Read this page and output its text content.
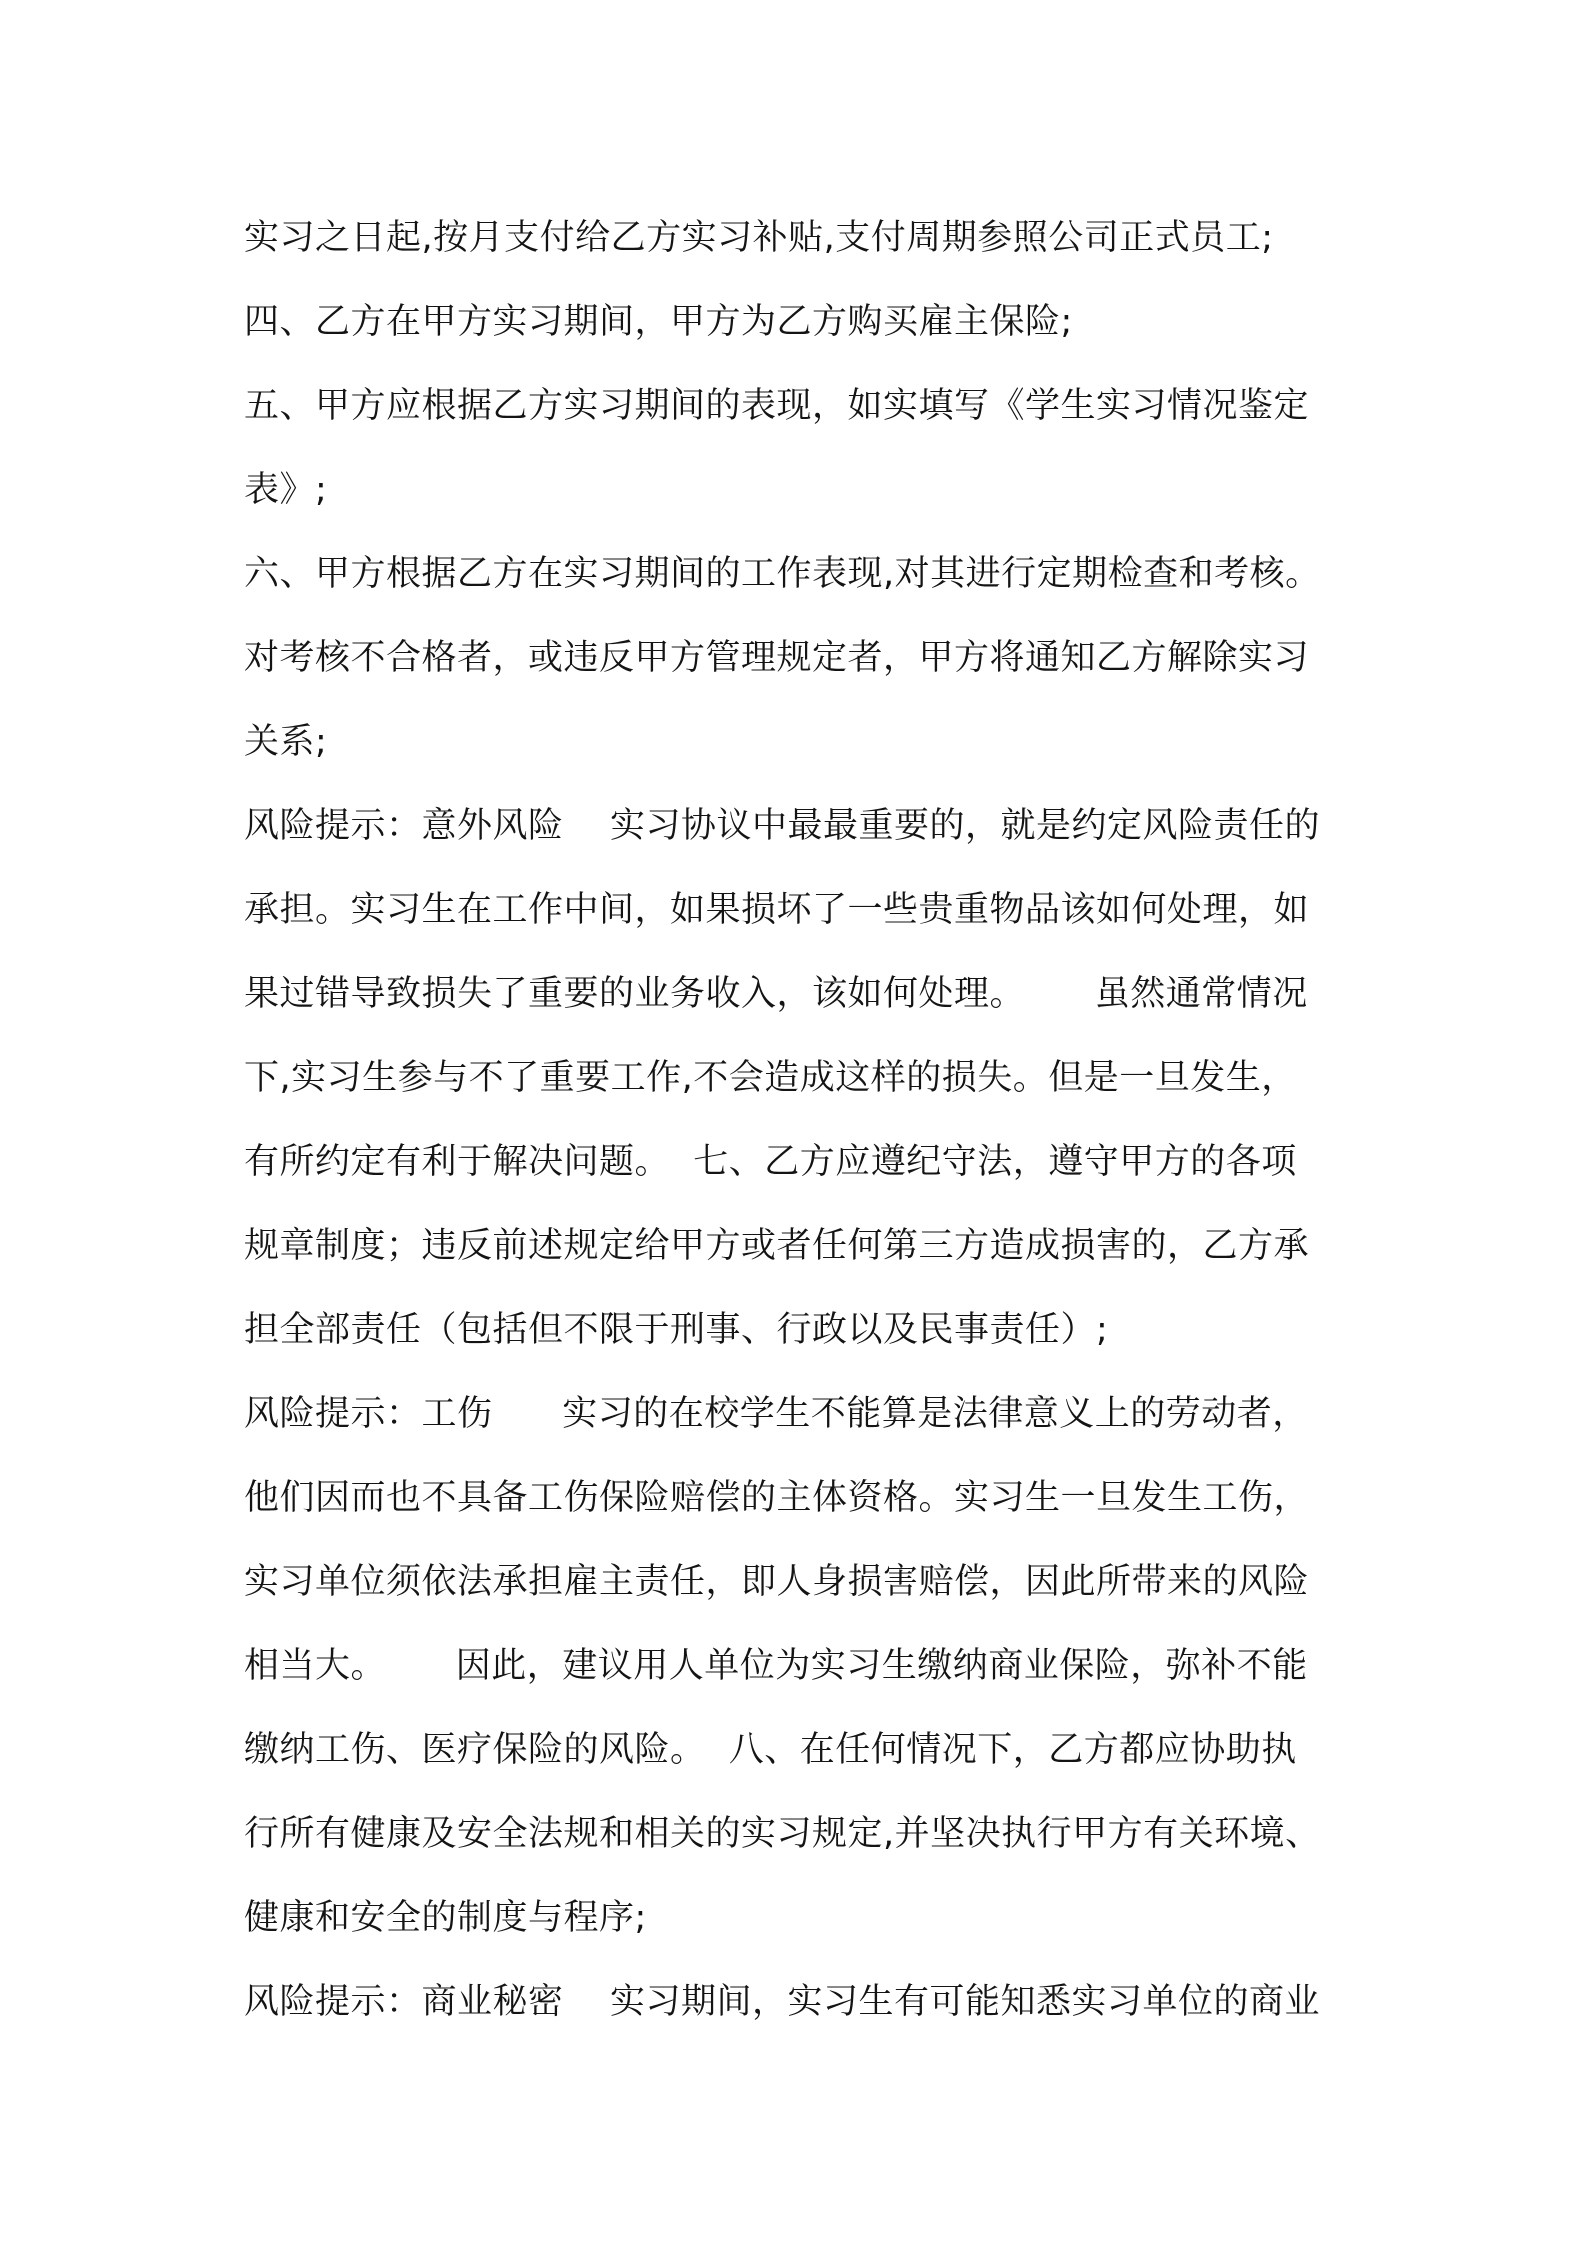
实习之日起,按月支付给乙方实习补贴,支付周期参照公司正式员工;
四、乙方在甲方实习期间，甲方为乙方购买雇主保险;
五、甲方应根据乙方实习期间的表现，如实填写《学生实习情况鉴定
表》;
六、甲方根据乙方在实习期间的工作表现,对其进行定期检查和考核。
对考核不合格者，或违反甲方管理规定者，甲方将通知乙方解除实习
关系;
风险提示：意外风险    实习协议中最最重要的，就是约定风险责任的
承担。实习生在工作中间，如果损坏了一些贵重物品该如何处理，如
果过错导致损失了重要的业务收入，该如何处理。      虽然通常情况
下,实习生参与不了重要工作,不会造成这样的损失。但是一旦发生，
有所约定有利于解决问题。  七、乙方应遵纪守法，遵守甲方的各项
规章制度；违反前述规定给甲方或者任何第三方造成损害的，乙方承
担全部责任（包括但不限于刑事、行政以及民事责任）;
风险提示：工伤      实习的在校学生不能算是法律意义上的劳动者，
他们因而也不具备工伤保险赔偿的主体资格。实习生一旦发生工伤，
实习单位须依法承担雇主责任，即人身损害赔偿，因此所带来的风险
相当大。      因此，建议用人单位为实习生缴纳商业保险，弥补不能
缴纳工伤、医疗保险的风险。  八、在任何情况下，乙方都应协助执
行所有健康及安全法规和相关的实习规定,并坚决执行甲方有关环境、
健康和安全的制度与程序;
风险提示：商业秘密    实习期间，实习生有可能知悉实习单位的商业
